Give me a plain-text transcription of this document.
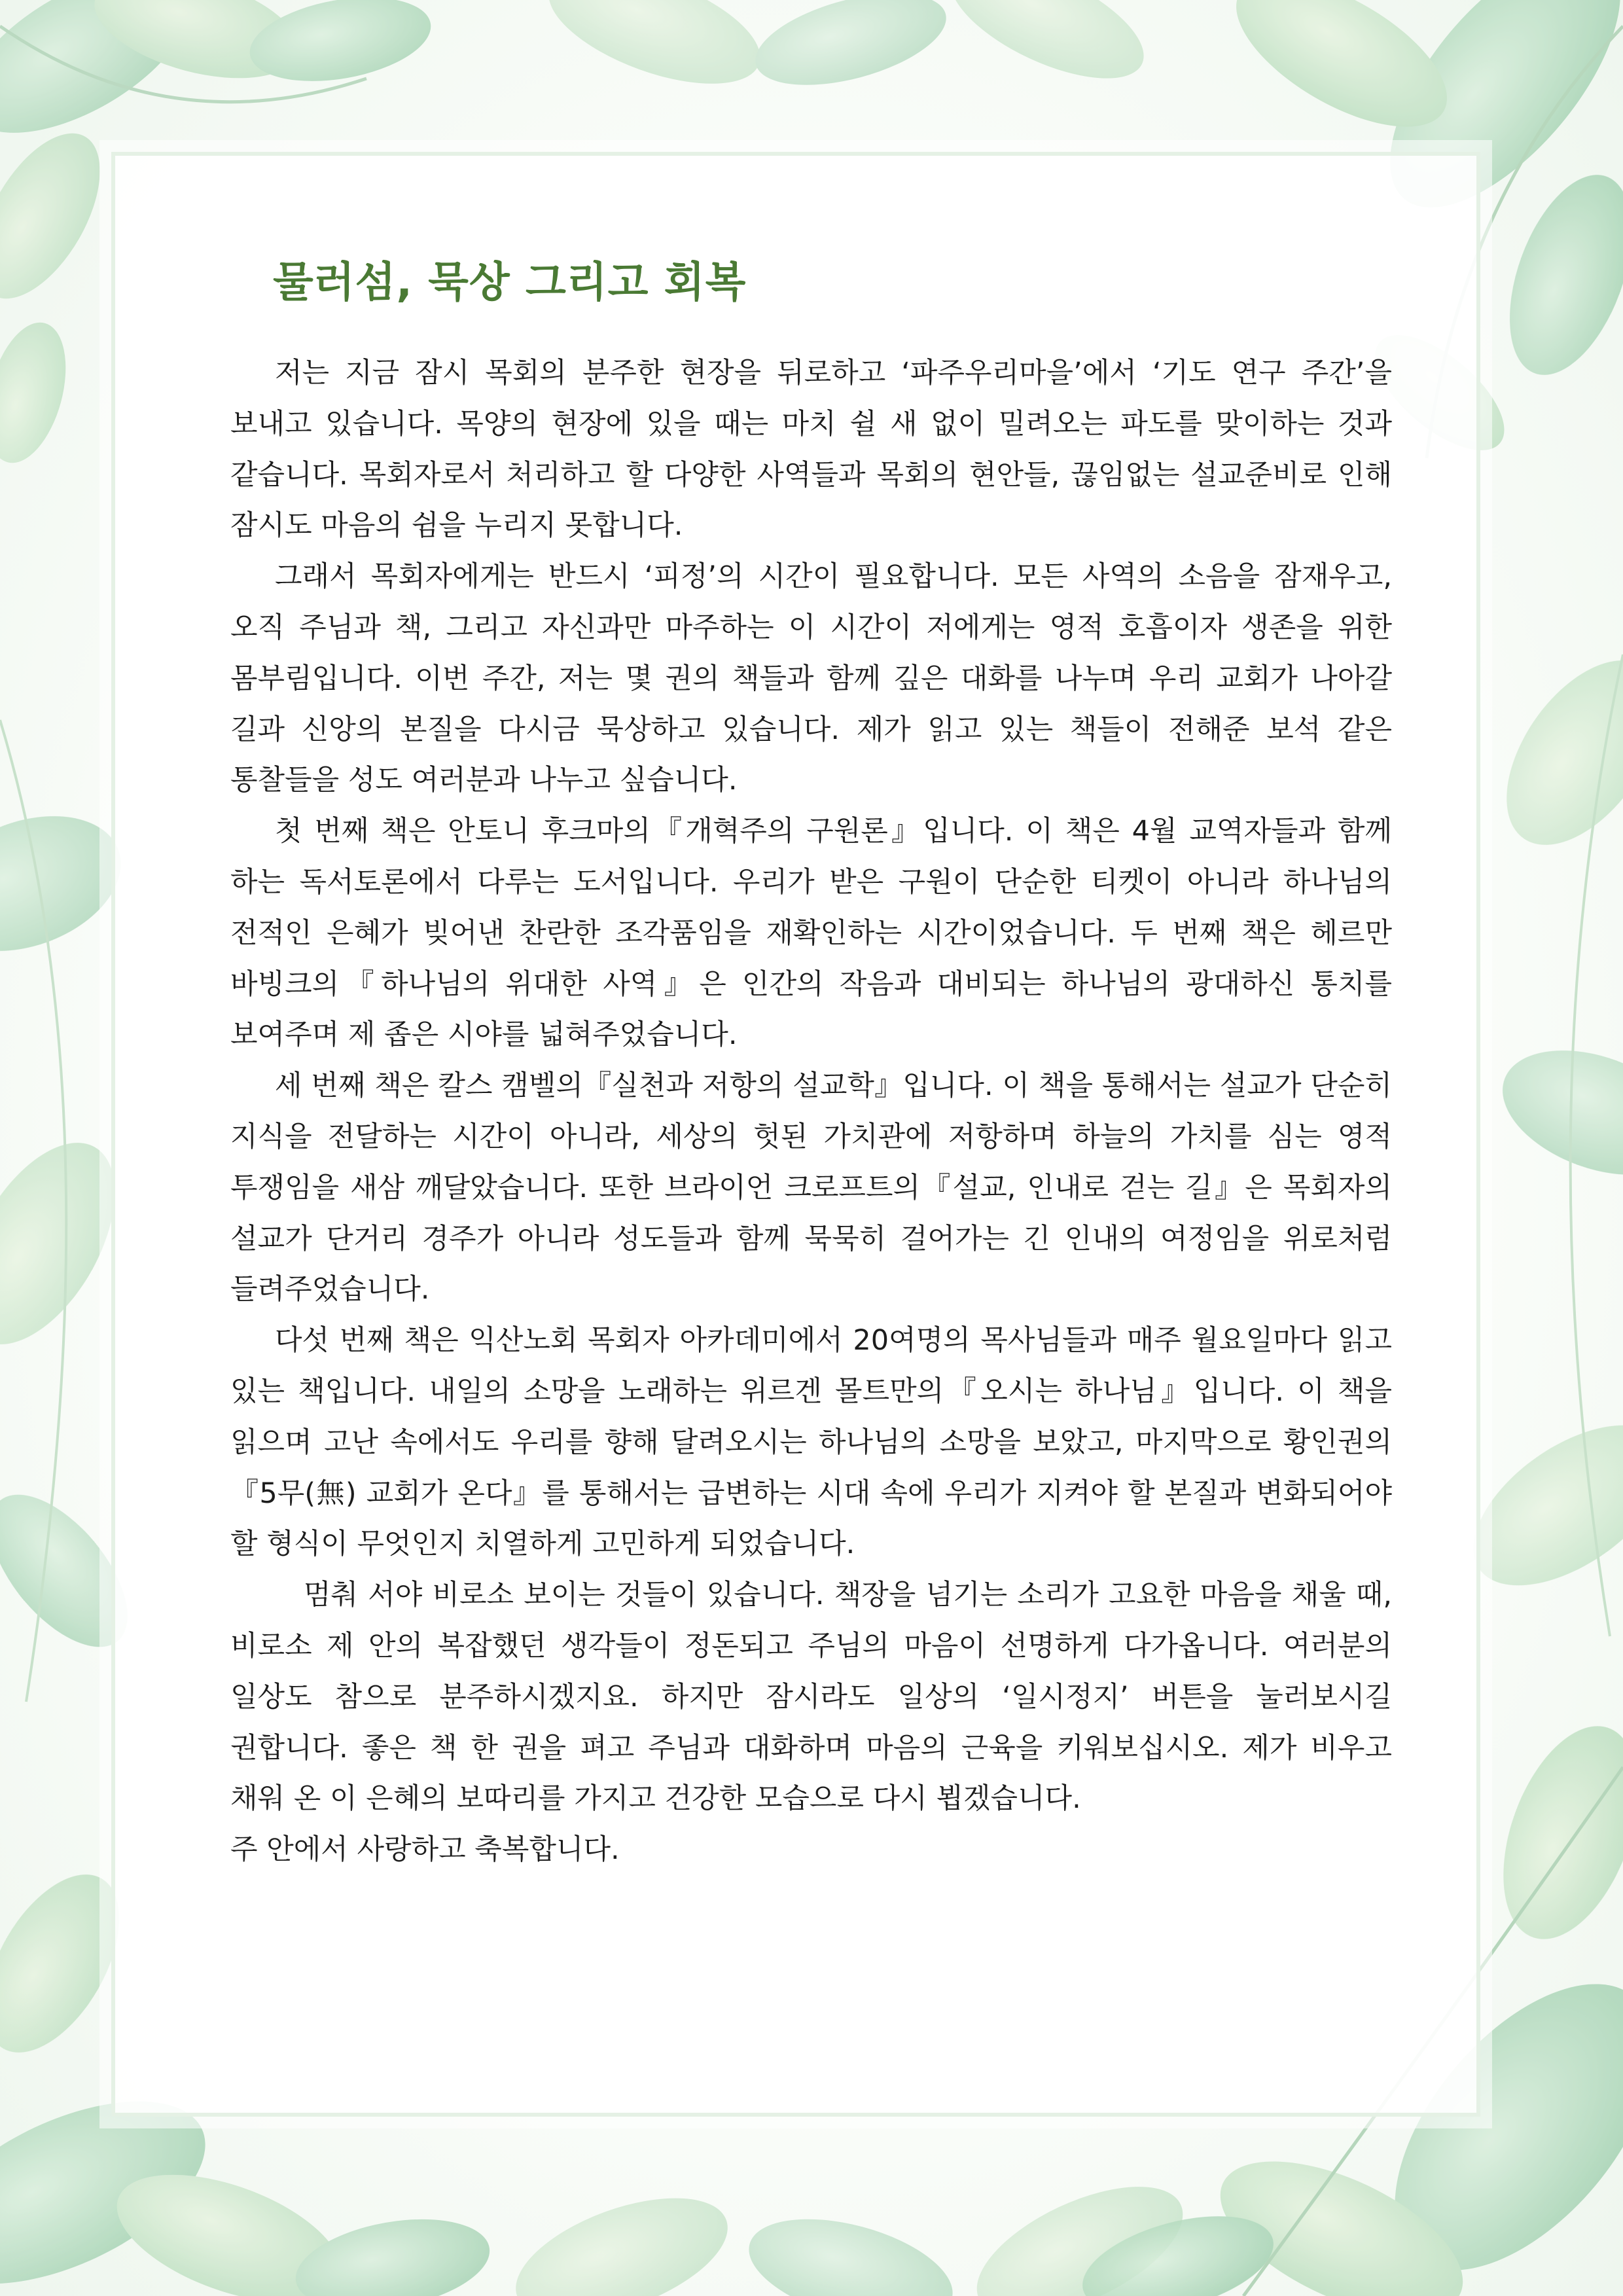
물러섬, 묵상 그리고 회복

저는 지금 잠시 목회의 분주한 현장을 뒤로하고 ‘파주우리마을’에서 ‘기도 연구 주간’을 보내고 있습니다. 목양의 현장에 있을 때는 마치 쉴 새 없이 밀려오는 파도를 맞이하는 것과 같습니다. 목회자로서 처리하고 할 다양한 사역들과 목회의 현안들, 끊임없는 설교준비로 인해 잠시도 마음의 쉼을 누리지 못합니다.

그래서 목회자에게는 반드시 ‘피정’의 시간이 필요합니다. 모든 사역의 소음을 잠재우고, 오직 주님과 책, 그리고 자신과만 마주하는 이 시간이 저에게는 영적 호흡이자 생존을 위한 몸부림입니다. 이번 주간, 저는 몇 권의 책들과 함께 깊은 대화를 나누며 우리 교회가 나아갈 길과 신앙의 본질을 다시금 묵상하고 있습니다. 제가 읽고 있는 책들이 전해준 보석 같은 통찰들을 성도 여러분과 나누고 싶습니다.

첫 번째 책은 안토니 후크마의『개혁주의 구원론』입니다. 이 책은 4월 교역자들과 함께 하는 독서토론에서 다루는 도서입니다. 우리가 받은 구원이 단순한 티켓이 아니라 하나님의 전적인 은혜가 빚어낸 찬란한 조각품임을 재확인하는 시간이었습니다. 두 번째 책은 헤르만 바빙크의『하나님의 위대한 사역』은 인간의 작음과 대비되는 하나님의 광대하신 통치를 보여주며 제 좁은 시야를 넓혀주었습니다.

세 번째 책은 칼스 캠벨의『실천과 저항의 설교학』입니다. 이 책을 통해서는 설교가 단순히 지식을 전달하는 시간이 아니라, 세상의 헛된 가치관에 저항하며 하늘의 가치를 심는 영적 투쟁임을 새삼 깨달았습니다. 또한 브라이언 크로프트의『설교, 인내로 걷는 길』은 목회자의 설교가 단거리 경주가 아니라 성도들과 함께 묵묵히 걸어가는 긴 인내의 여정임을 위로처럼 들려주었습니다.

다섯 번째 책은 익산노회 목회자 아카데미에서 20여명의 목사님들과 매주 월요일마다 읽고 있는 책입니다. 내일의 소망을 노래하는 위르겐 몰트만의『오시는 하나님』입니다. 이 책을 읽으며 고난 속에서도 우리를 향해 달려오시는 하나님의 소망을 보았고, 마지막으로 황인권의『5무(無) 교회가 온다』를 통해서는 급변하는 시대 속에 우리가 지켜야 할 본질과 변화되어야 할 형식이 무엇인지 치열하게 고민하게 되었습니다.

멈춰 서야 비로소 보이는 것들이 있습니다. 책장을 넘기는 소리가 고요한 마음을 채울 때, 비로소 제 안의 복잡했던 생각들이 정돈되고 주님의 마음이 선명하게 다가옵니다. 여러분의 일상도 참으로 분주하시겠지요. 하지만 잠시라도 일상의 ‘일시정지’ 버튼을 눌러보시길 권합니다. 좋은 책 한 권을 펴고 주님과 대화하며 마음의 근육을 키워보십시오. 제가 비우고 채워 온 이 은혜의 보따리를 가지고 건강한 모습으로 다시 뵙겠습니다.

주 안에서 사랑하고 축복합니다.
